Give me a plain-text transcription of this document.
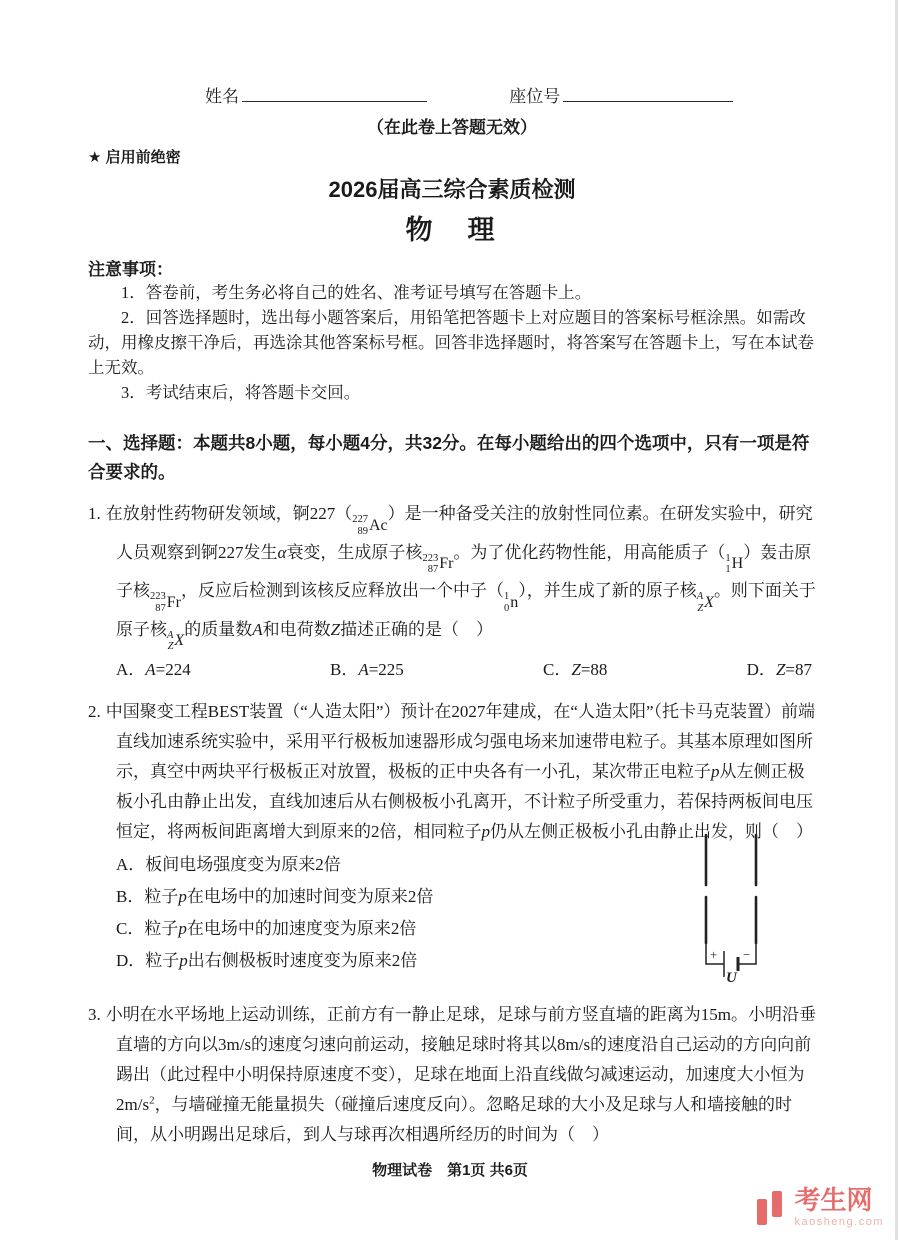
姓名	座位号
（在此卷上答题无效）
★ 启用前绝密
2026届高三综合素质检测
物　理
注意事项：

1．答卷前，考生务必将自己的姓名、准考证号填写在答题卡上。

2．回答选择题时，选出每小题答案后，用铅笔把答题卡上对应题目的答案标号框涂黑。如需改动，用橡皮擦干净后，再选涂其他答案标号框。回答非选择题时，将答案写在答题卡上，写在本试卷上无效。

3．考试结束后，将答题卡交回。

一、选择题：本题共8小题，每小题4分，共32分。在每小题给出的四个选项中，只有一项是符合要求的。

1. 在放射性药物研发领域，锕227（ 227
89 Ac
）是一种备受关注的放射性同位素。在研发实验中，研究人员观察到锕227发生α衰变，生成原子核 223
87 Fr
。为了优化药物性能，用高能质子（ 1
1 H
）轰击原子核 223
87 Fr
，反应后检测到该核反应释放出一个中子（ 1
0 n
），并生成了新的原子核 A
Z X
。则下面关于原子核 A
Z X
的质量数A和电荷数Z描述正确的是（　）

A．A=224	B．A=225	C．Z=88	D．Z=87

2. 中国聚变工程BEST装置（“人造太阳”）预计在2027年建成，在“人造太阳”（托卡马克装置）前端直线加速系统实验中，采用平行极板加速器形成匀强电场来加速带电粒子。其基本原理如图所示，真空中两块平行极板正对放置，极板的正中央各有一小孔，某次带正电粒子p从左侧正极板小孔由静止出发，直线加速后从右侧极板小孔离开，不计粒子所受重力，若保持两板间电压恒定，将两板间距离增大到原来的2倍，相同粒子p仍从左侧正极板小孔由静止出发，则（　）

A．板间电场强度变为原来2倍

B．粒子p在电场中的加速时间变为原来2倍

C．粒子p在电场中的加速度变为原来2倍

D．粒子p出右侧极板时速度变为原来2倍	+ −
U

3. 小明在水平场地上运动训练，正前方有一静止足球，足球与前方竖直墙的距离为15m。小明沿垂直墙的方向以3m/s的速度匀速向前运动，接触足球时将其以8m/s的速度沿自己运动的方向向前踢出（此过程中小明保持原速度不变），足球在地面上沿直线做匀减速运动，加速度大小恒为$2m/s^2$，与墙碰撞无能量损失（碰撞后速度反向）。忽略足球的大小及足球与人和墙接触的时间，从小明踢出足球后，到人与球再次相遇所经历的时间为（　）

物理试卷　第1页 共6页
考生网
kaosheng.com
